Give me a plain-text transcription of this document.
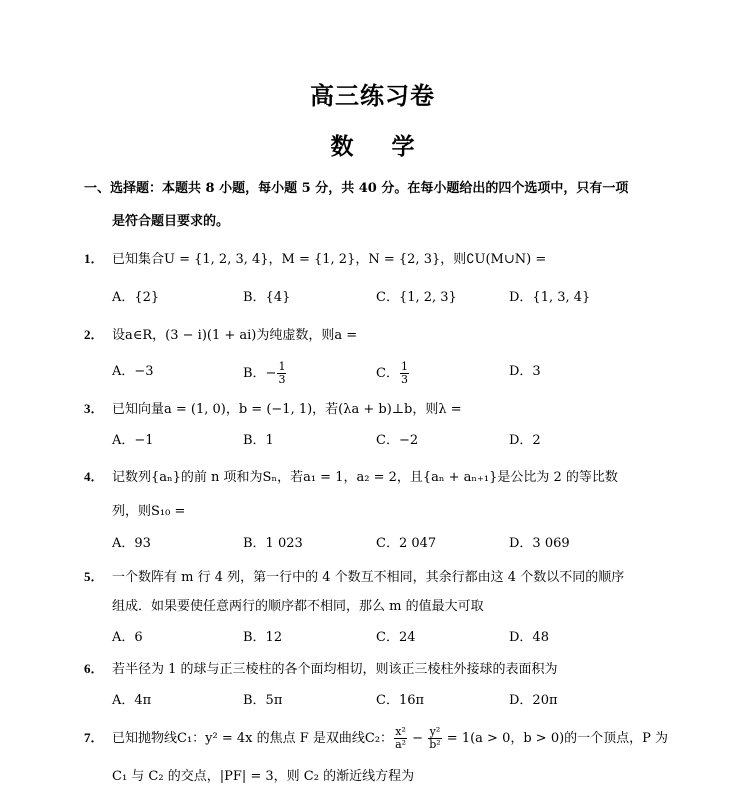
高三练习卷
数学
一、选择题：本题共 8 小题，每小题 5 分，共 40 分。在每小题给出的四个选项中，只有一项
是符合题目要求的。
1． 已知集合U = {1, 2, 3, 4}，M = {1, 2}，N = {2, 3}，则∁U(M∪N) =
A．{2}	B．{4}	C．{1, 2, 3}	D．{1, 3, 4}
2． 设a∈R，(3 − i)(1 + ai)为纯虚数，则a =
A．−3	B．− $\frac{1}{3}$	C． $\frac{1}{3}$	D．3
3． 已知向量a = (1, 0)，b = (−1, 1)，若(λa + b)⊥b，则λ =
A．−1	B．1	C．−2	D．2
4． 记数列{aₙ}的前 n 项和为Sₙ，若a₁ = 1，a₂ = 2，且{aₙ + aₙ₊₁}是公比为 2 的等比数
列，则S₁₀ =
A．93	B．1 023	C．2 047	D．3 069
5． 一个数阵有 m 行 4 列，第一行中的 4 个数互不相同，其余行都由这 4 个数以不同的顺序
组成．如果要使任意两行的顺序都不相同，那么 m 的值最大可取
A．6	B．12	C．24	D．48
6． 若半径为 1 的球与正三棱柱的各个面均相切，则该正三棱柱外接球的表面积为
A．4π	B．5π	C．16π	D．20π
7． 已知抛物线C₁：y² = 4x 的焦点 F 是双曲线C₂： $\frac{\text{x²}}{\text{a²}} - \frac{\text{y²}}{\text{b²}} = 1(a > 0$，b > 0)的一个顶点，P 为
C₁ 与 C₂ 的交点，|PF| = 3，则 C₂ 的渐近线方程为
